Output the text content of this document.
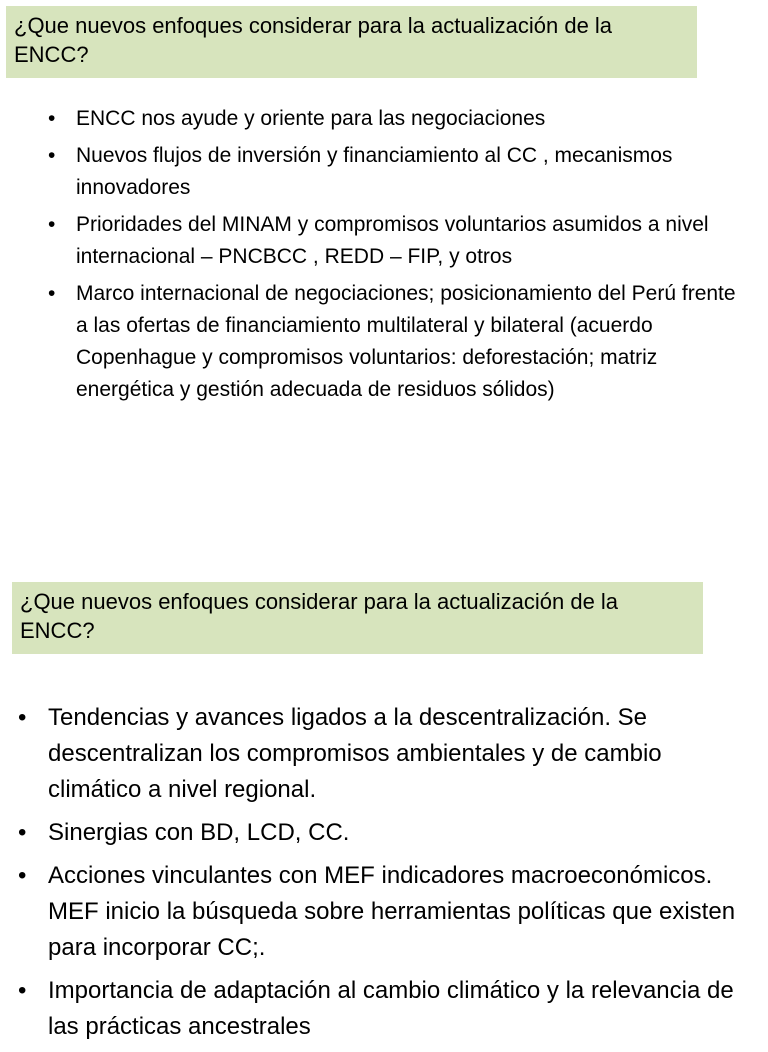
¿Que nuevos enfoques considerar para la actualización de la ENCC?
• ENCC nos ayude y oriente para las negociaciones
• Nuevos flujos de inversión y financiamiento al CC , mecanismos innovadores
• Prioridades del MINAM y compromisos voluntarios asumidos a nivel internacional – PNCBCC , REDD – FIP, y otros
• Marco internacional de negociaciones; posicionamiento del Perú frente a las ofertas de financiamiento multilateral y bilateral (acuerdo Copenhague y compromisos voluntarios: deforestación; matriz energética y gestión adecuada de residuos sólidos)
¿Que nuevos enfoques considerar para la actualización de la ENCC?
• Tendencias y avances ligados a la descentralización. Se descentralizan los compromisos ambientales y de cambio climático a nivel regional.
• Sinergias con BD, LCD, CC.
• Acciones vinculantes con MEF indicadores macroeconómicos. MEF inicio la búsqueda sobre herramientas políticas que existen para incorporar CC;.
• Importancia de adaptación al cambio climático y la relevancia de las prácticas ancestrales
